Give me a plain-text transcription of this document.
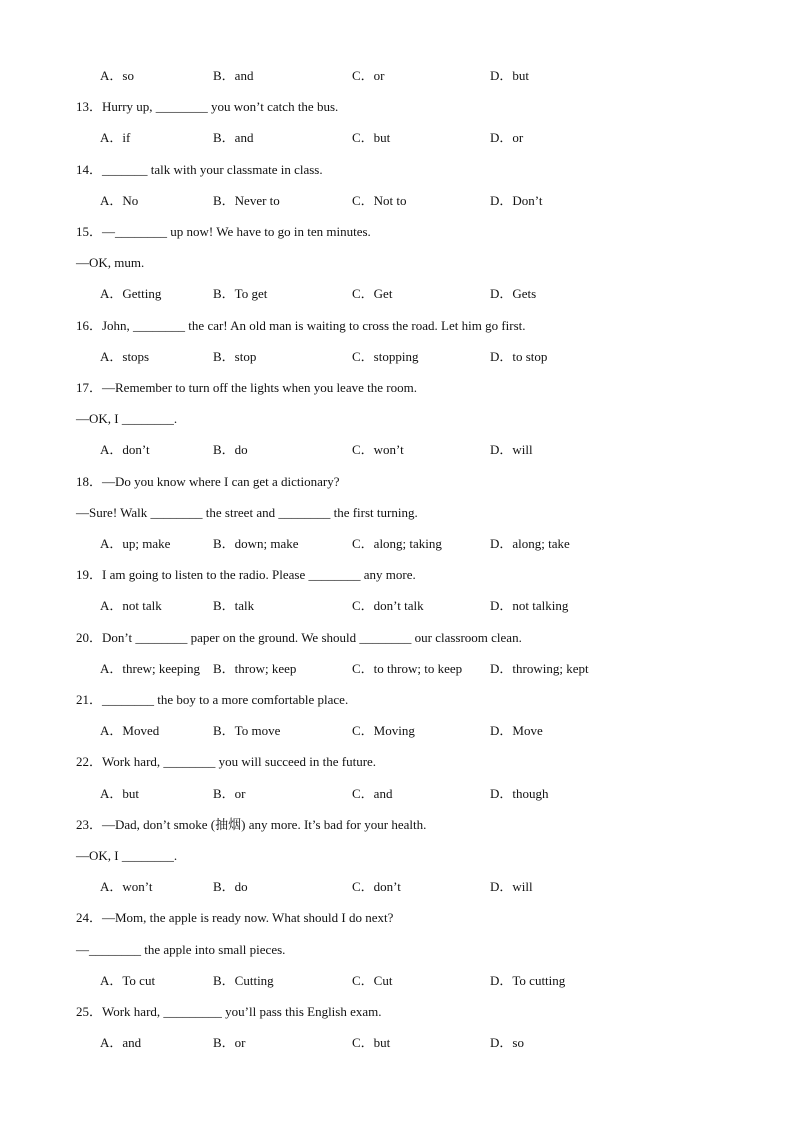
A．so	B．and	C．or	D．but
13．Hurry up, ________ you won’t catch the bus.
A．if	B．and	C．but	D．or
14．_______ talk with your classmate in class.
A．No	B．Never to	C．Not to	D．Don’t
15．—________ up now! We have to go in ten minutes.
—OK, mum.
A．Getting	B．To get	C．Get	D．Gets
16．John, ________ the car! An old man is waiting to cross the road. Let him go first.
A．stops	B．stop	C．stopping	D．to stop
17．—Remember to turn off the lights when you leave the room.
—OK, I ________.
A．don’t	B．do	C．won’t	D．will
18．—Do you know where I can get a dictionary?
—Sure! Walk ________ the street and ________ the first turning.
A．up; make	B．down; make	C．along; taking	D．along; take
19．I am going to listen to the radio. Please ________ any more.
A．not talk	B．talk	C．don’t talk	D．not talking
20．Don’t ________ paper on the ground. We should ________ our classroom clean.
A．threw; keeping B．throw; keep	C．to throw; to keep D．throwing; kept
21．________ the boy to a more comfortable place.
A．Moved	B．To move	C．Moving	D．Move
22．Work hard, ________ you will succeed in the future.
A．but	B．or	C．and	D．though
23．—Dad, don’t smoke (抽烟) any more. It’s bad for your health.
—OK, I ________.
A．won’t	B．do	C．don’t	D．will
24．—Mom, the apple is ready now. What should I do next?
—________ the apple into small pieces.
A．To cut	B．Cutting	C．Cut	D．To cutting
25．Work hard, _________ you’ll pass this English exam.
A．and	B．or	C．but	D．so
